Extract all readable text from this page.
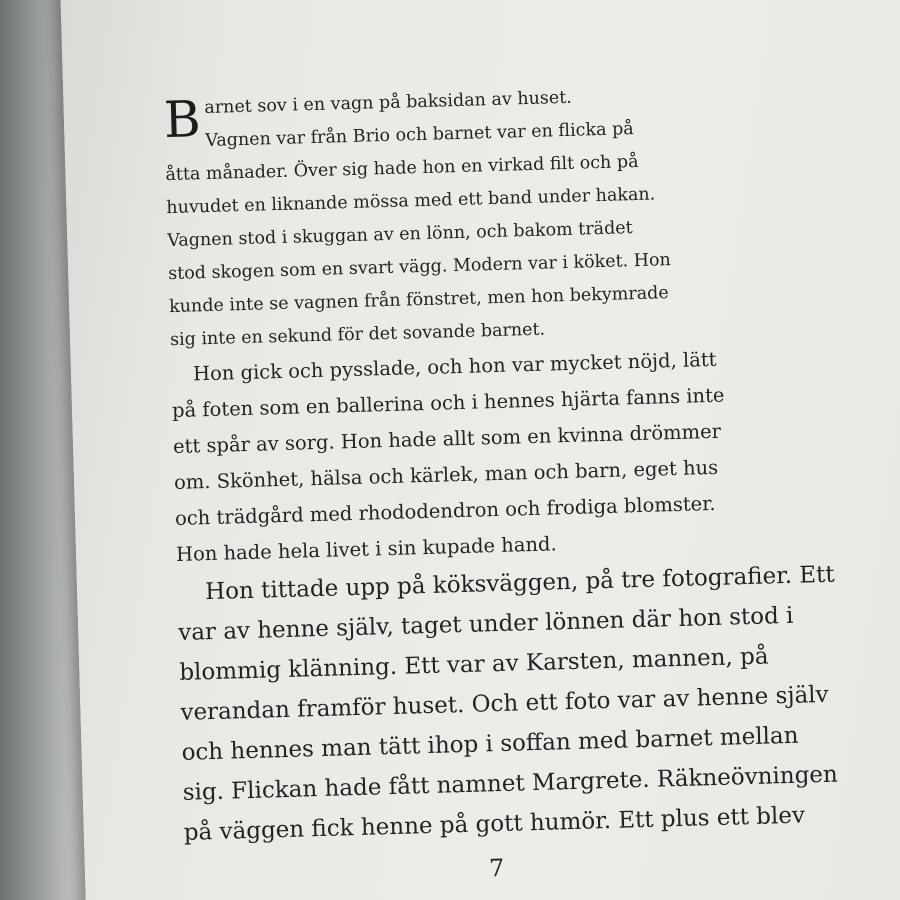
B arnet sov i en vagn på baksidan av huset.
Vagnen var från Brio och barnet var en flicka på
åtta månader. Över sig hade hon en virkad filt och på
huvudet en liknande mössa med ett band under hakan.
Vagnen stod i skuggan av en lönn, och bakom trädet
stod skogen som en svart vägg. Modern var i köket. Hon
kunde inte se vagnen från fönstret, men hon bekymrade
sig inte en sekund för det sovande barnet.
Hon gick och pysslade, och hon var mycket nöjd, lätt
på foten som en ballerina och i hennes hjärta fanns inte
ett spår av sorg. Hon hade allt som en kvinna drömmer
om. Skönhet, hälsa och kärlek, man och barn, eget hus
och trädgård med rhododendron och frodiga blomster.
Hon hade hela livet i sin kupade hand.
Hon tittade upp på köksväggen, på tre fotografier. Ett
var av henne själv, taget under lönnen där hon stod i
blommig klänning. Ett var av Karsten, mannen, på
verandan framför huset. Och ett foto var av henne själv
och hennes man tätt ihop i soffan med barnet mellan
sig. Flickan hade fått namnet Margrete. Räkneövningen
på väggen fick henne på gott humör. Ett plus ett blev
7
